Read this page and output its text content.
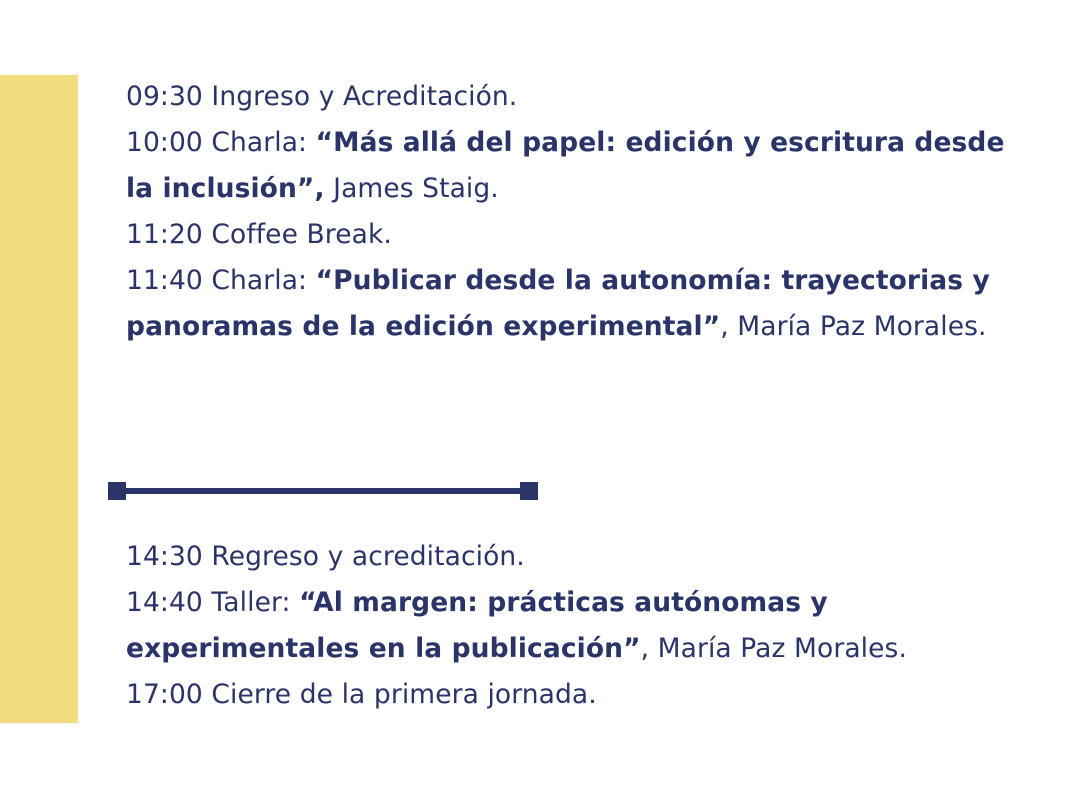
09:30 Ingreso y Acreditación.
10:00 Charla: “Más allá del papel: edición y escritura desde la inclusión”, James Staig.
11:20 Coffee Break.
11:40 Charla: “Publicar desde la autonomía: trayectorias y panoramas de la edición experimental”, María Paz Morales.
14:30 Regreso y acreditación.
14:40 Taller: “Al margen: prácticas autónomas y experimentales en la publicación”, María Paz Morales.
17:00 Cierre de la primera jornada.
